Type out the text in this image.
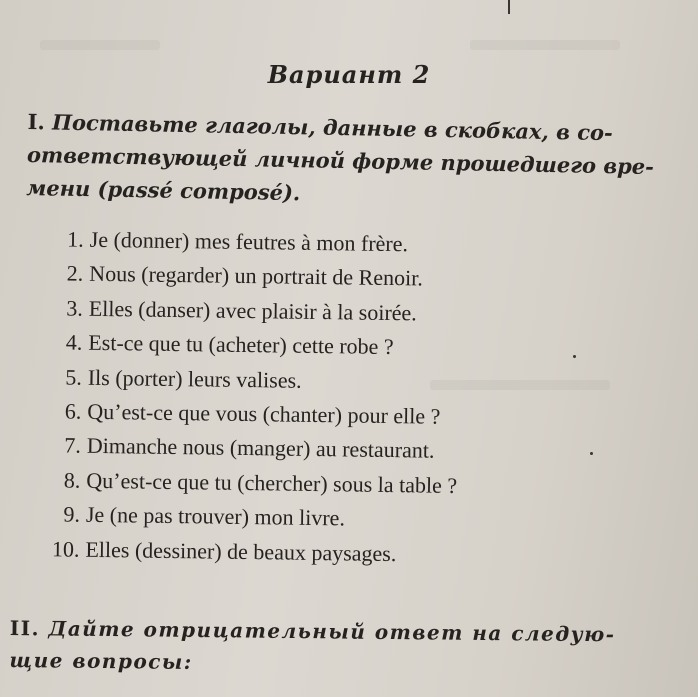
Вариант 2
I. Поставьте глаголы, данные в скобках, в со-
ответствующей личной форме прошедшего вре-
мени (passé composé).
1. Je (donner) mes feutres à mon frère.
2. Nous (regarder) un portrait de Renoir.
3. Elles (danser) avec plaisir à la soirée.
4. Est-ce que tu (acheter) cette robe ?
5. Ils (porter) leurs valises.
6. Qu’est-ce que vous (chanter) pour elle ?
7. Dimanche nous (manger) au restaurant.
8. Qu’est-ce que tu (chercher) sous la table ?
9. Je (ne pas trouver) mon livre.
10. Elles (dessiner) de beaux paysages.
II. Дайте отрицательный ответ на следую-
щие вопросы:
